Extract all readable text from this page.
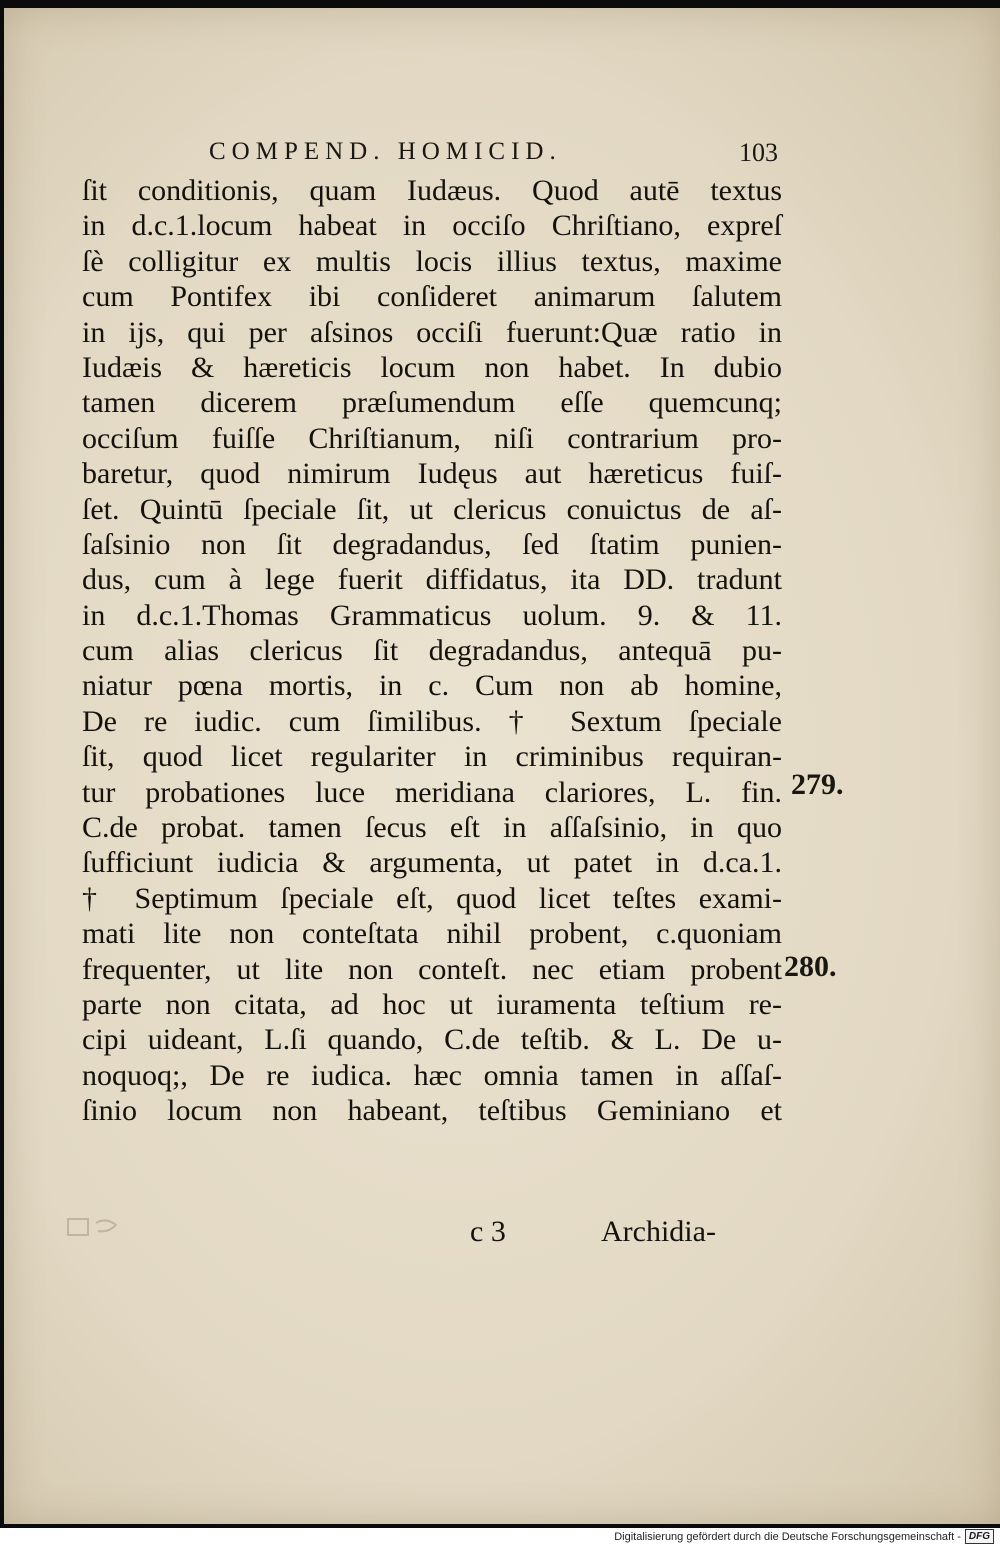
COMPEND. HOMICID.	103
ſit conditionis, quam Iudæus. Quod autē textus
in d.c.1.locum habeat in occiſo Chriſtiano, expreſ
ſè colligitur ex multis locis illius textus, maxime
cum Pontifex ibi conſideret animarum ſalutem
in ijs, qui per aſsinos occiſi fuerunt:Quæ ratio in
Iudæis & hæreticis locum non habet. In dubio
tamen dicerem præſumendum eſſe quemcunq;
occiſum fuiſſe Chriſtianum, niſi contrarium pro-
baretur, quod nimirum Iudęus aut hæreticus fuiſ-
ſet. Quintū ſpeciale ſit, ut clericus conuictus de aſ-
ſaſsinio non ſit degradandus, ſed ſtatim punien-
dus, cum à lege fuerit diffidatus, ita DD. tradunt
in d.c.1.Thomas Grammaticus uolum. 9. & 11.
cum alias clericus ſit degradandus, antequā pu-
niatur pœna mortis, in c. Cum non ab homine,
De re iudic. cum ſimilibus. † Sextum ſpeciale
ſit, quod licet regulariter in criminibus requiran-
tur probationes luce meridiana clariores, L. fin.
C.de probat. tamen ſecus eſt in aſſaſsinio, in quo
ſufficiunt iudicia & argumenta, ut patet in d.ca.1.
† Septimum ſpeciale eſt, quod licet teſtes exami-
mati lite non conteſtata nihil probent, c.quoniam
frequenter, ut lite non conteſt. nec etiam probent
parte non citata, ad hoc ut iuramenta teſtium re-
cipi uideant, L.ſi quando, C.de teſtib. & L. De u-
noquoq;, De re iudica. hæc omnia tamen in aſſaſ-
ſinio locum non habeant, teſtibus Geminiano et
279.
280.
c 3	Archidia-
Digitalisierung gefördert durch die Deutsche Forschungsgemeinschaft - DFG
